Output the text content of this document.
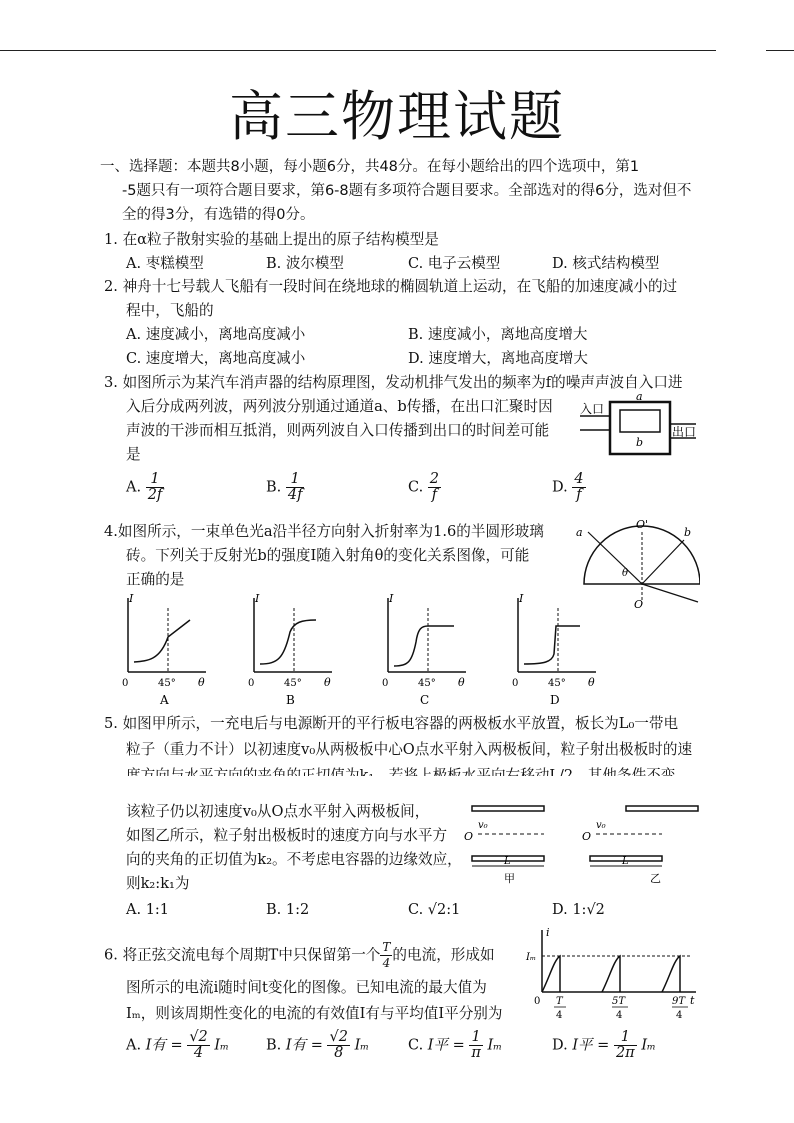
高三物理试题
一、选择题：本题共8小题，每小题6分，共48分。在每小题给出的四个选项中，第1
-5题只有一项符合题目要求，第6-8题有多项符合题目要求。全部选对的得6分，选对但不
全的得3分，有选错的得0分。
1. 在α粒子散射实验的基础上提出的原子结构模型是
A. 枣糕模型	B. 波尔模型	C. 电子云模型	D. 核式结构模型
2. 神舟十七号载人飞船有一段时间在绕地球的椭圆轨道上运动，在飞船的加速度减小的过
程中，飞船的
A. 速度减小，离地高度减小	B. 速度减小，离地高度增大
C. 速度增大，离地高度减小	D. 速度增大，离地高度增大
3. 如图所示为某汽车消声器的结构原理图，发动机排气发出的频率为f的噪声声波自入口进
入后分成两列波，两列波分别通过通道a、b传播，在出口汇聚时因
声波的干涉而相互抵消，则两列波自入口传播到出口的时间差可能
是
入口
出口
a
b
A. $\frac{1}{2f}$	B. $\frac{1}{4f}$	C. $\frac{2}{f}$	D. $\frac{4}{f}$
4.如图所示，一束单色光a沿半径方向射入折射率为1.6的半圆形玻璃
砖。下列关于反射光b的强度I随入射角θ的变化关系图像，可能
正确的是
a	b
O'
θ
O
I
0	45° θ
A
I
0	45° θ
B
I
0	45° θ
C
I
0	45° θ
D
5. 如图甲所示，一充电后与电源断开的平行板电容器的两极板水平放置，板长为L₀一带电
粒子（重力不计）以初速度v₀从两极板中心O点水平射入两极板间，粒子射出极板时的速
该粒子仍以初速度v₀从O点水平射入两极板间，
如图乙所示，粒子射出极板时的速度方向与水平方
向的夹角的正切值为k₂。不考虑电容器的边缘效应，
则k₂:k₁为
v₀
O
L
甲
v₀
O
L
乙
A. 1:1	B. 1:2	C. √2:1	D. 1:√2
6. 将正弦交流电每个周期T中只保留第一个 $\frac{T}{4}$ 的电流，形成如
图所示的电流i随时间t变化的图像。已知电流的最大值为
Iₘ，则该周期性变化的电流的有效值I有与平均值I平分别为
i
Iₘ
0	t
T
4
5T
4
9T
4
A. I有 = $\frac{√2}{4}$ Iₘ	B. I有 = $\frac{√2}{8}$ Iₘ	C. I平 = $\frac{1}{\pi}$ Iₘ	D. I平 = $\frac{1}{2\pi}$ Iₘ
